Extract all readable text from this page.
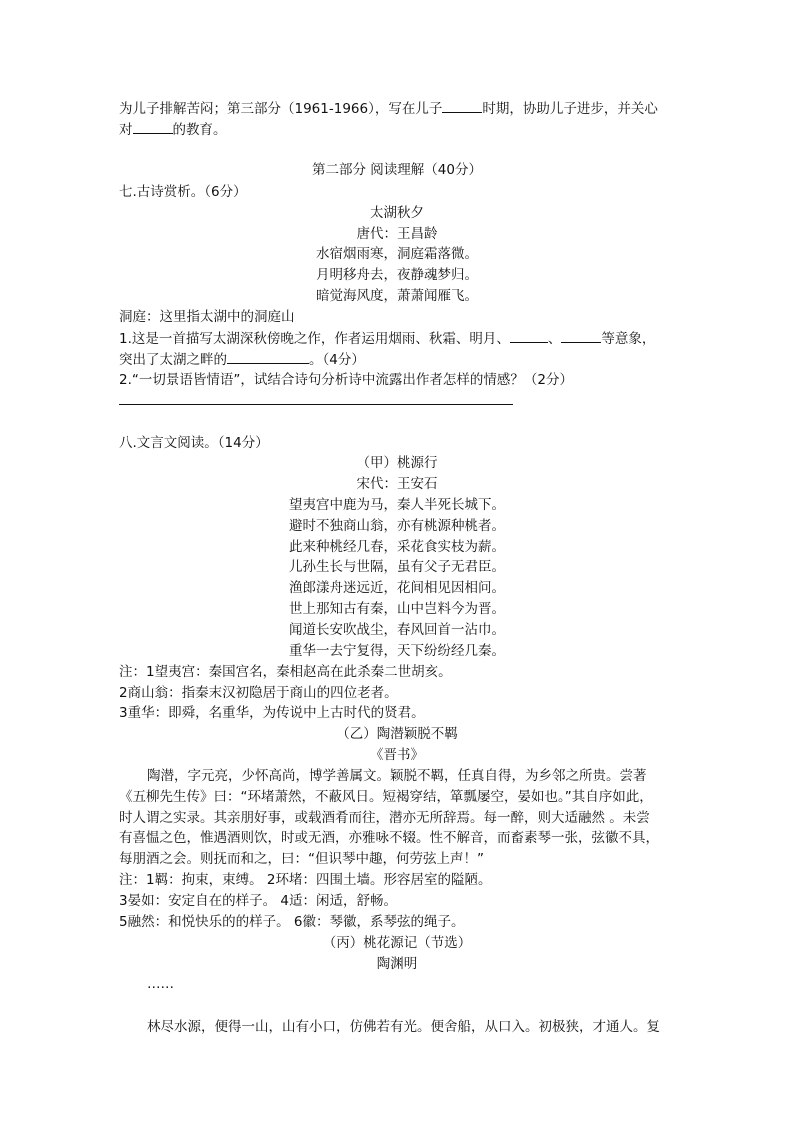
为儿子排解苦闷；第三部分（1961-1966），写在儿子	时期，协助儿子进步，并关心
对	的教育。
第二部分 阅读理解（40分）
七.古诗赏析。（6分）
太湖秋夕
唐代：王昌龄
水宿烟雨寒，洞庭霜落微。
月明移舟去，夜静魂梦归。
暗觉海风度，萧萧闻雁飞。
洞庭：这里指太湖中的洞庭山
1.这是一首描写太湖深秋傍晚之作，作者运用烟雨、秋霜、明月、	、	等意象，
突出了太湖之畔的	。（4分）
2.“一切景语皆情语”，试结合诗句分析诗中流露出作者怎样的情感？（2分）
八.文言文阅读。（14分）
（甲）桃源行
宋代：王安石
望夷宫中鹿为马，秦人半死长城下。
避时不独商山翁，亦有桃源种桃者。
此来种桃经几春，采花食实枝为薪。
儿孙生长与世隔，虽有父子无君臣。
渔郎漾舟迷远近，花间相见因相问。
世上那知古有秦，山中岂料今为晋。
闻道长安吹战尘，春风回首一沾巾。
重华一去宁复得，天下纷纷经几秦。
注：1望夷宫：秦国宫名，秦相赵高在此杀秦二世胡亥。
2商山翁：指秦末汉初隐居于商山的四位老者。
3重华：即舜，名重华，为传说中上古时代的贤君。
（乙）陶潜颖脱不羁
《晋书》
陶潜，字元亮，少怀高尚，博学善属文。颖脱不羁，任真自得，为乡邻之所贵。尝著
《五柳先生传》曰：“环堵萧然，不蔽风日。短褐穿结，箪瓢屡空，晏如也。”其自序如此，
时人谓之实录。其亲朋好事，或载酒肴而往，潜亦无所辞焉。每一醉，则大适融然 。未尝
有喜愠之色，惟遇酒则饮，时或无酒，亦雅咏不辍。性不解音，而畜素琴一张，弦徽不具，
每朋酒之会。则抚而和之，曰：“但识琴中趣，何劳弦上声！”
注：1羁：拘束，束缚。 2环堵：四围土墙。形容居室的隘陋。
3晏如：安定自在的样子。 4适：闲适，舒畅。
5融然：和悦快乐的的样子。 6徽：琴徽，系琴弦的绳子。
（丙）桃花源记（节选）
陶渊明
……
林尽水源，便得一山，山有小口，仿佛若有光。便舍船，从口入。初极狭，才通人。复
